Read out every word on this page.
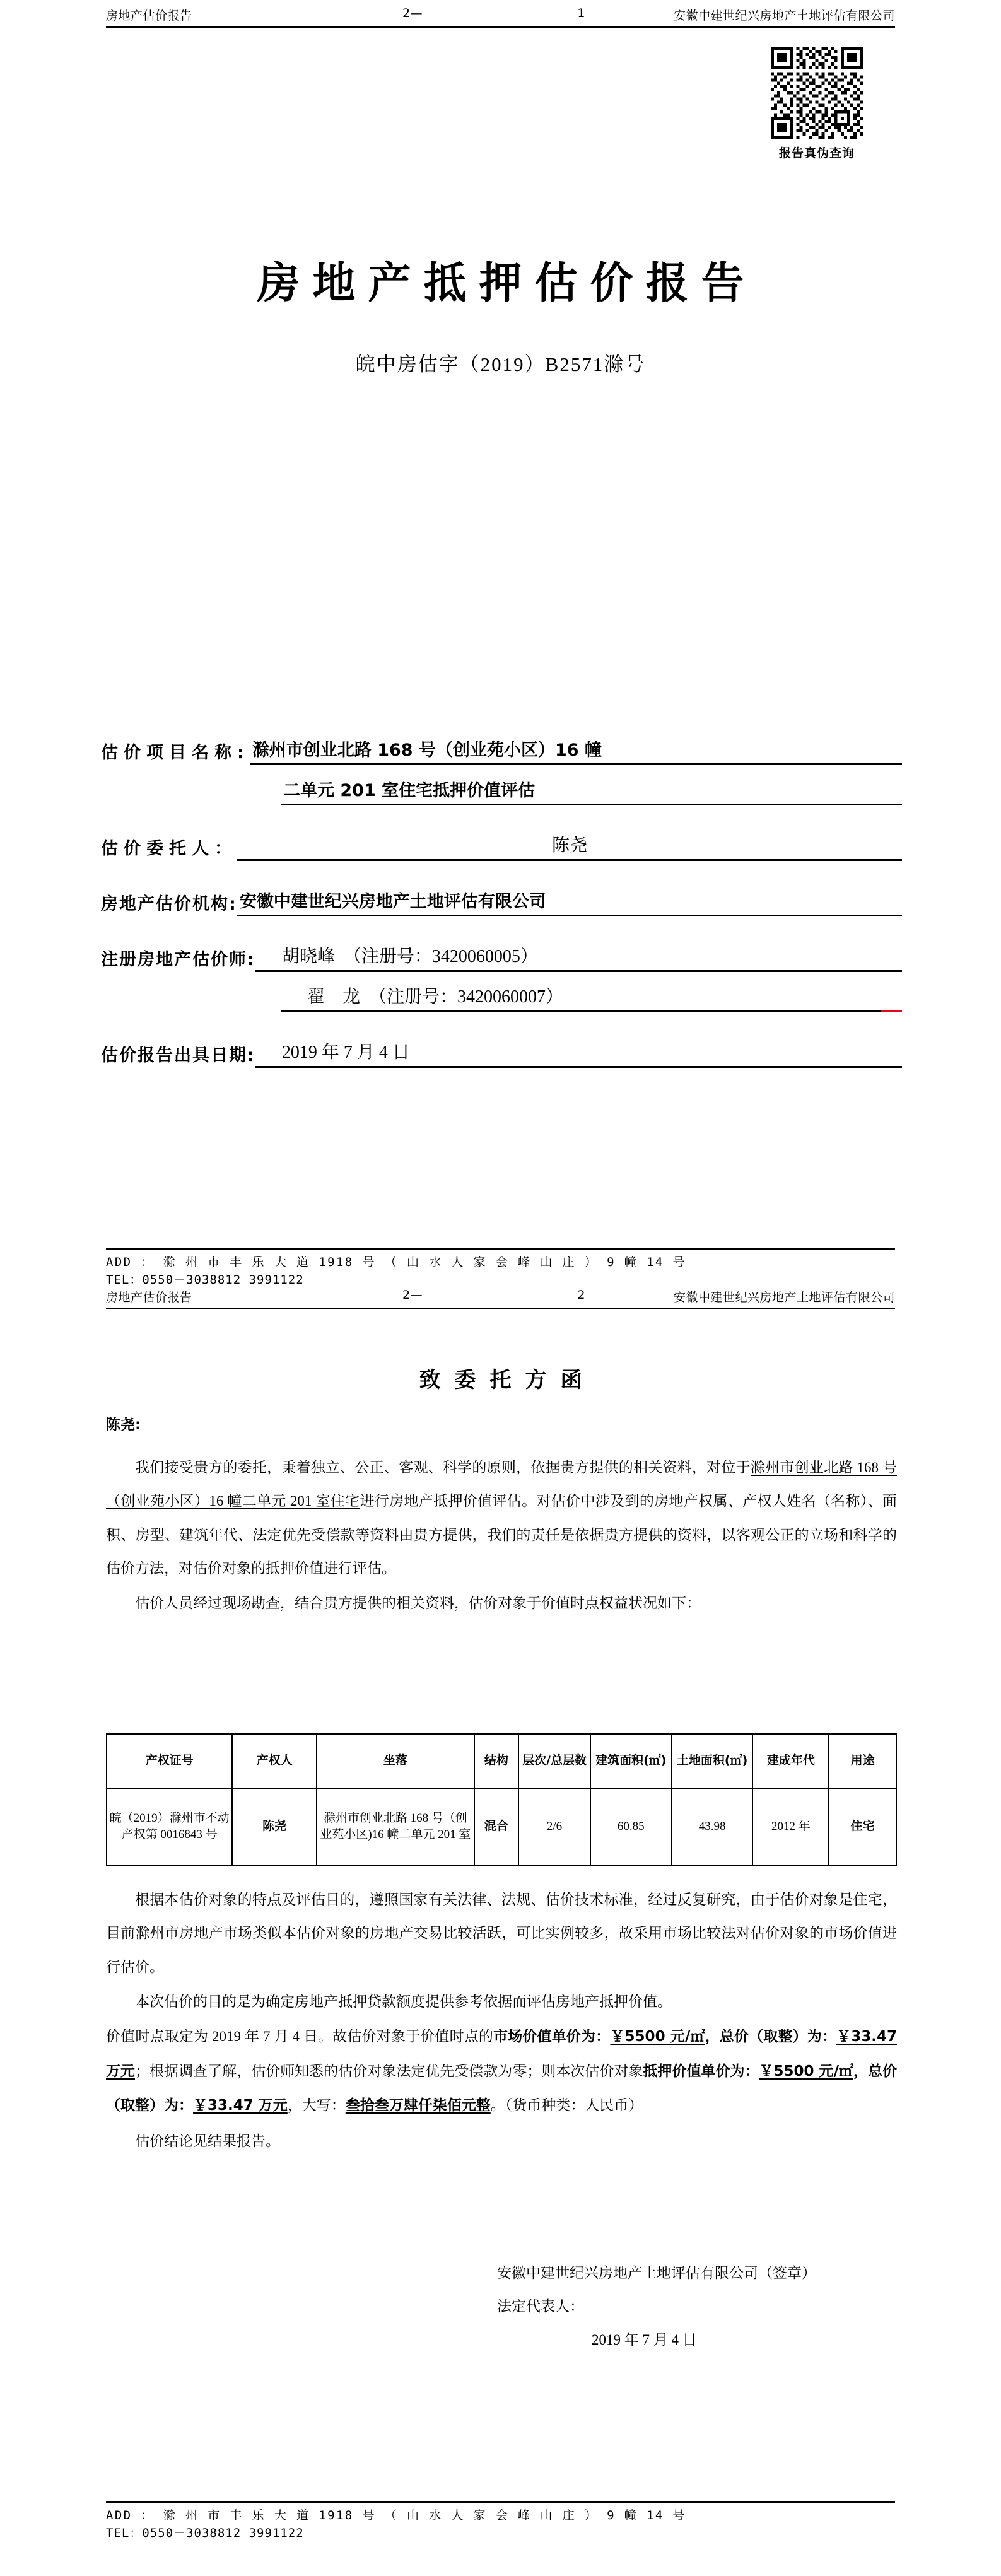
房地产估价报告	2—	1	安徽中建世纪兴房地产土地评估有限公司
报告真伪查询
房地产抵押估价报告
皖中房估字（2019）B2571滁号
估价项目名称: 滁州市创业北路 168 号（创业苑小区）16 幢
二单元 201 室住宅抵押价值评估
估价委托人：	陈尧
房地产估价机构: 安徽中建世纪兴房地产土地评估有限公司
注册房地产估价师:	胡晓峰　（注册号：3420060005）
翟　龙　（注册号：3420060007）
估价报告出具日期:	2019 年 7 月 4 日
ADD ： 滁 州 市 丰 乐 大 道 1918 号 （ 山 水 人 家 会 峰 山 庄 ） 9 幢 14 号
TEL：0550－3038812 3991122
房地产估价报告	2—	2	安徽中建世纪兴房地产土地评估有限公司
致委托方函
陈尧:

我们接受贵方的委托，秉着独立、公正、客观、科学的原则，依据贵方提供的相关资料，对位于滁州市创业北路 168 号（创业苑小区）16 幢二单元 201 室住宅进行房地产抵押价值评估。对估价中涉及到的房地产权属、产权人姓名（名称）、面积、房型、建筑年代、法定优先受偿款等资料由贵方提供，我们的责任是依据贵方提供的资料，以客观公正的立场和科学的估价方法，对估价对象的抵押价值进行评估。

估价人员经过现场勘查，结合贵方提供的相关资料，估价对象于价值时点权益状况如下：

产权证号	产权人	坐落	结构	层次/总层数	建筑面积(㎡)	土地面积(㎡)	建成年代	用途
皖（2019）滁州市不动产权第 0016843 号	陈尧	滁州市创业北路 168 号（创业苑小区)16 幢二单元 201 室	混合	2/6	60.85	43.98	2012 年	住宅

根据本估价对象的特点及评估目的，遵照国家有关法律、法规、估价技术标准，经过反复研究，由于估价对象是住宅，目前滁州市房地产市场类似本估价对象的房地产交易比较活跃，可比实例较多，故采用市场比较法对估价对象的市场价值进行估价。

本次估价的目的是为确定房地产抵押贷款额度提供参考依据而评估房地产抵押价值。

价值时点取定为 2019 年 7 月 4 日。故估价对象于价值时点的市场价值单价为：￥5500 元/㎡，总价（取整）为：￥33.47 万元；根据调查了解，估价师知悉的估价对象法定优先受偿款为零；则本次估价对象抵押价值单价为：￥5500 元/㎡，总价（取整）为：￥33.47 万元，大写：叁拾叁万肆仟柒佰元整。（货币种类：人民币）

估价结论见结果报告。

安徽中建世纪兴房地产土地评估有限公司（签章）
法定代表人：
2019 年 7 月 4 日
ADD ： 滁 州 市 丰 乐 大 道 1918 号 （ 山 水 人 家 会 峰 山 庄 ） 9 幢 14 号
TEL：0550－3038812 3991122
